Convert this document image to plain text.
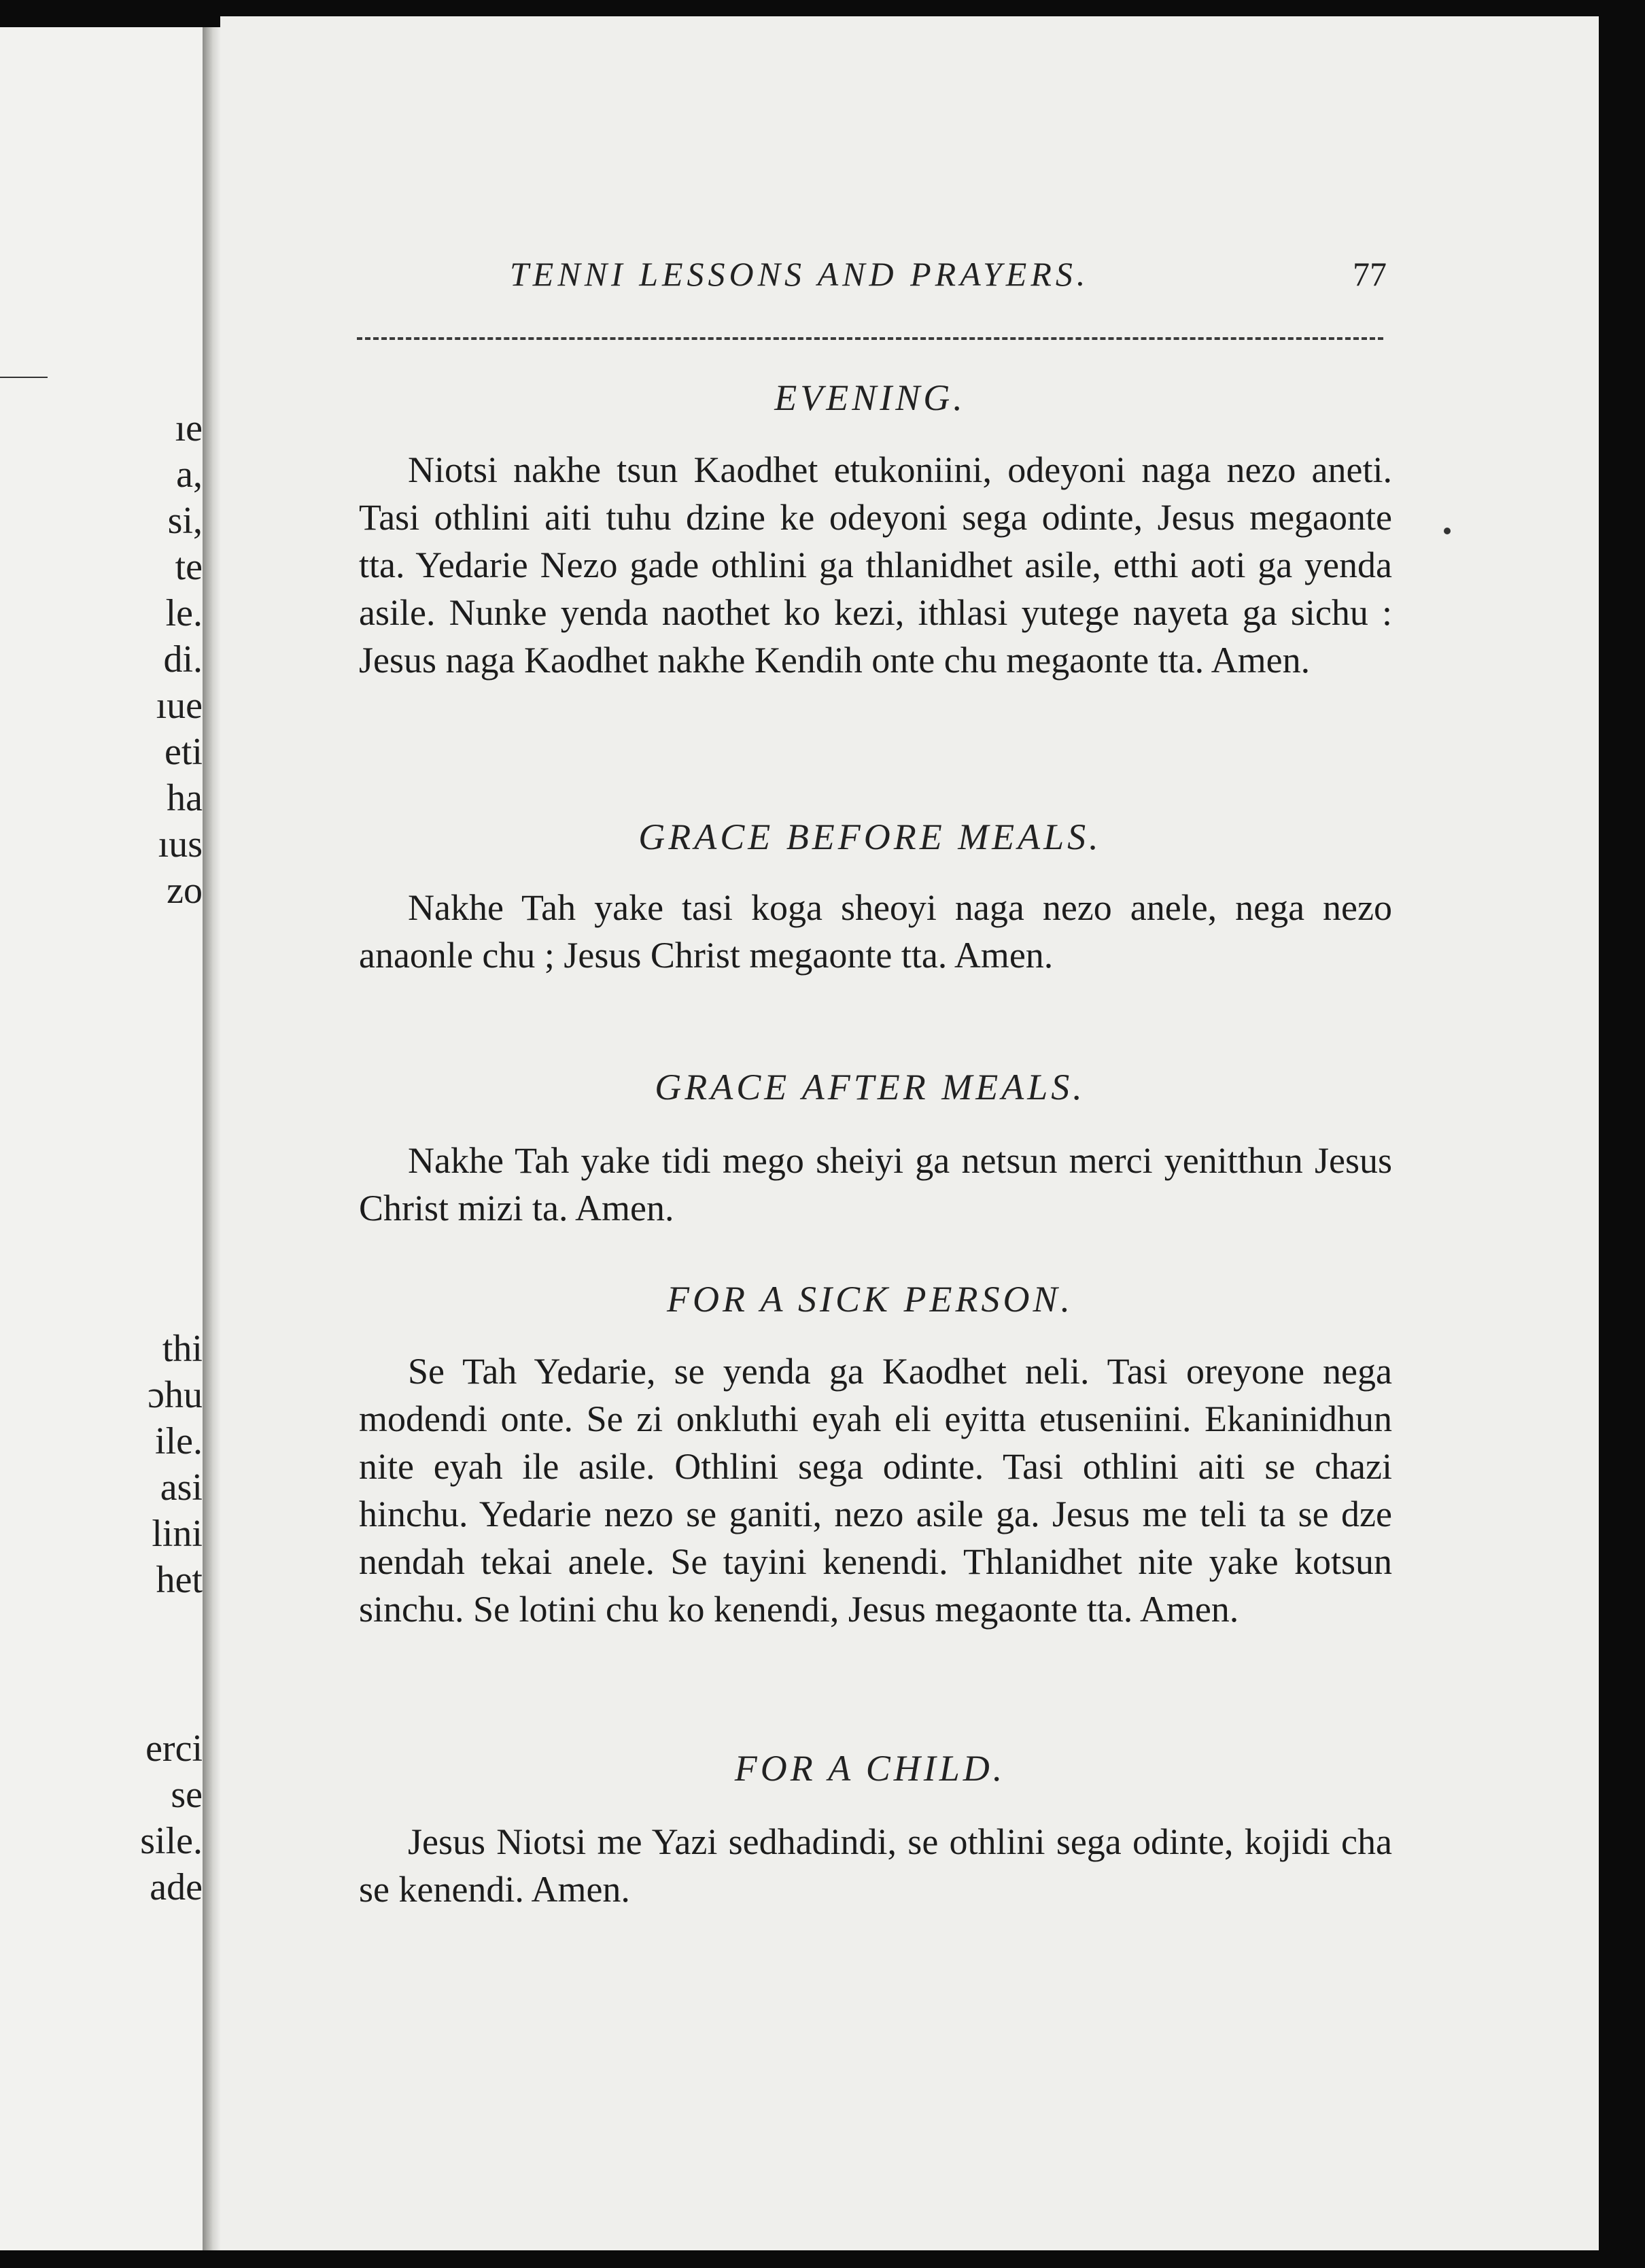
ıe
a,
si,
te
le.
di.
ıue
eti
ha
ıus
zo
thi
ɔhu
ile.
asi
lini
het
erci
se
sile.
ade
TENNI LESSONS AND PRAYERS.	77
EVENING.

Niotsi nakhe tsun Kaodhet etukoniini, odeyoni naga nezo aneti. Tasi othlini aiti tuhu dzine ke odeyoni sega odinte, Jesus megaonte tta. Yedarie Nezo gade othlini ga thlanidhet asile, etthi aoti ga yenda asile. Nunke yenda naothet ko kezi, ithlasi yutege nayeta ga sichu : Jesus naga Kaodhet nakhe Kendih onte chu megaonte tta. Amen.

GRACE BEFORE MEALS.

Nakhe Tah yake tasi koga sheoyi naga nezo anele, nega nezo anaonle chu ; Jesus Christ megaonte tta. Amen.

GRACE AFTER MEALS.

Nakhe Tah yake tidi mego sheiyi ga netsun merci yenitthun Jesus Christ mizi ta. Amen.

FOR A SICK PERSON.

Se Tah Yedarie, se yenda ga Kaodhet neli. Tasi oreyone nega modendi onte. Se zi onkluthi eyah eli eyitta etuseniini. Ekaninidhun nite eyah ile asile. Othlini sega odinte. Tasi othlini aiti se chazi hinchu. Yedarie nezo se ganiti, nezo asile ga. Jesus me teli ta se dze nendah tekai anele. Se tayini kenendi. Thlanidhet nite yake kotsun sinchu. Se lotini chu ko kenendi, Jesus megaonte tta. Amen.

FOR A CHILD.

Jesus Niotsi me Yazi sedhadindi, se othlini sega odinte, kojidi cha se kenendi. Amen.
